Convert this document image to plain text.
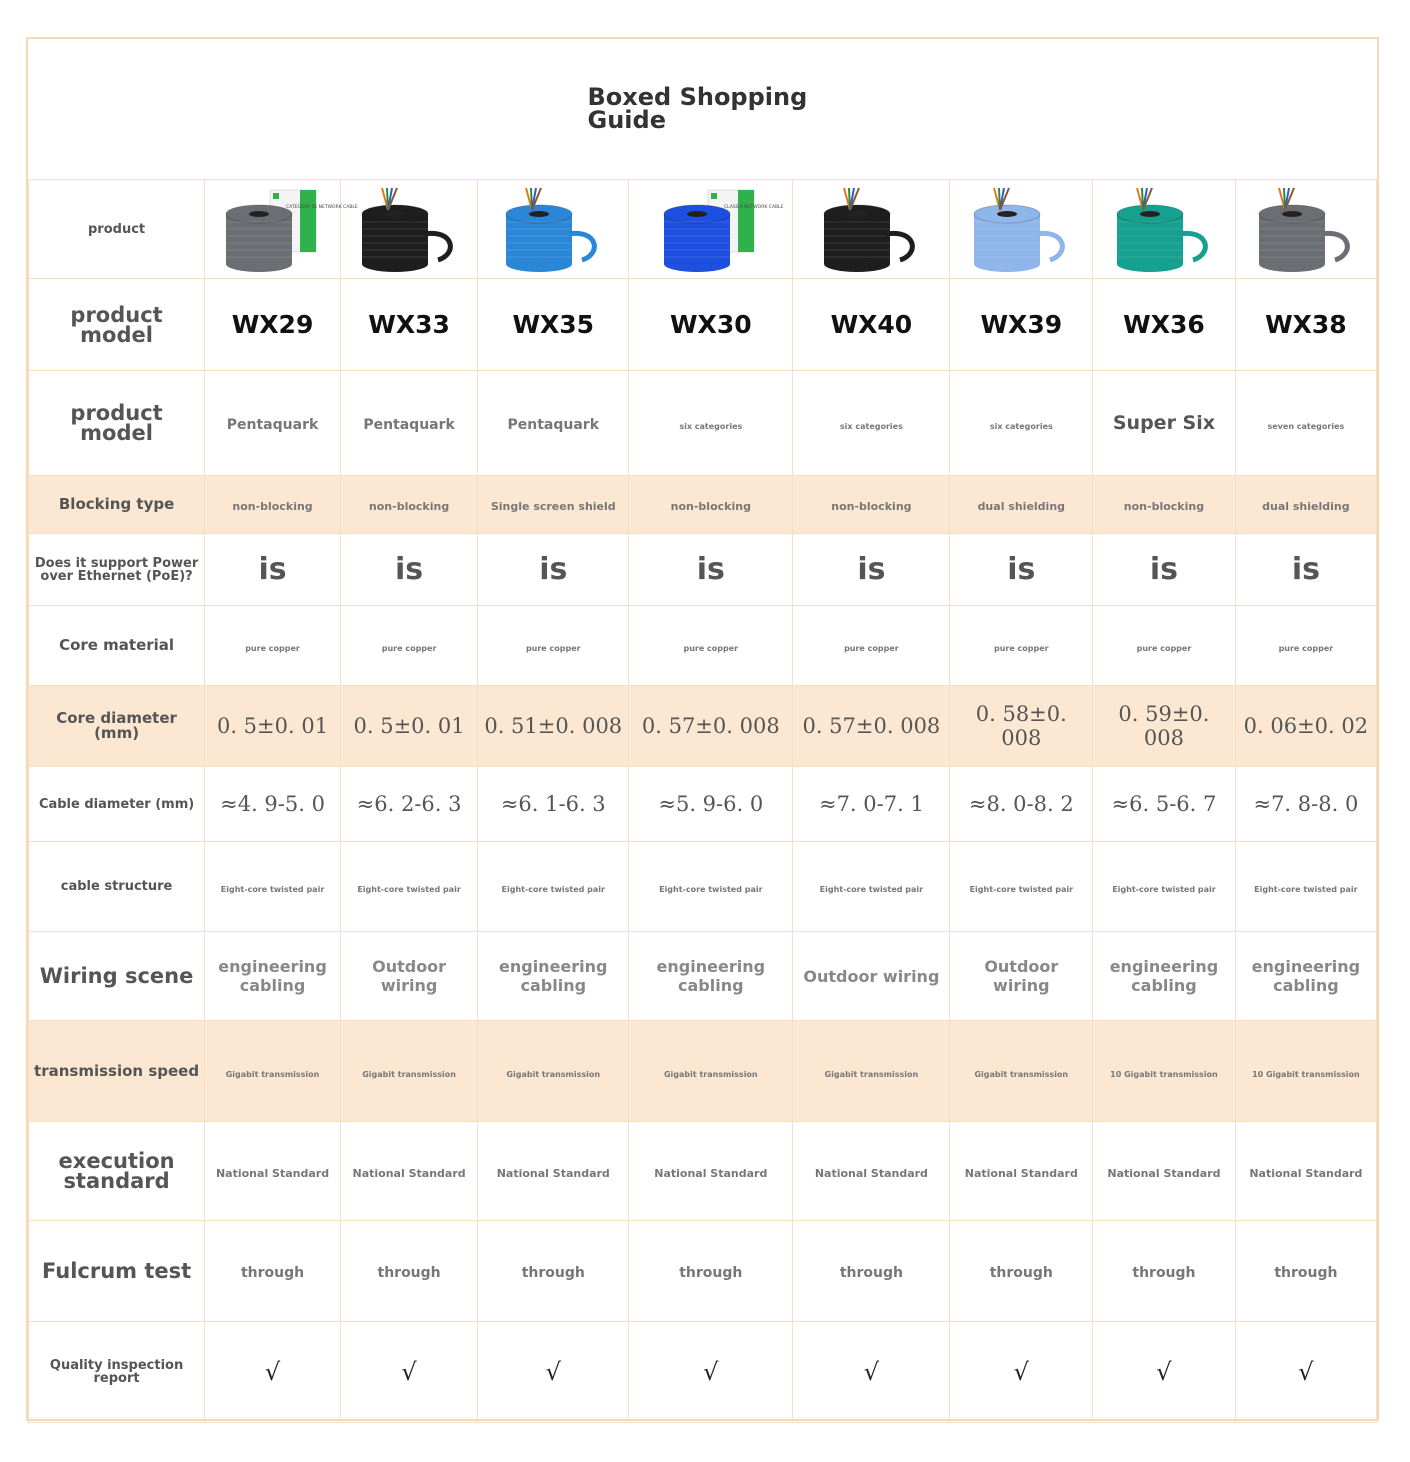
Boxed Shopping Guide
product	CATEGORY 5E NETWORK CABLE			CLASS 6 NETWORK CABLE

product model	WX29	WX33	WX35	WX30	WX40	WX39	WX36	WX38
product model	Pentaquark	Pentaquark	Pentaquark	six categories	six categories	six categories	Super Six	seven categories
Blocking type	non-blocking	non-blocking	Single screen shield	non-blocking	non-blocking	dual shielding	non-blocking	dual shielding
Does it support Power over Ethernet (PoE)?	is	is	is	is	is	is	is	is
Core material	pure copper	pure copper	pure copper	pure copper	pure copper	pure copper	pure copper	pure copper
Core diameter (mm)	0. 5±0. 01	0. 5±0. 01	0. 51±0. 008	0. 57±0. 008	0. 57±0. 008	0. 58±0. 008	0. 59±0. 008	0. 06±0. 02
Cable diameter (mm)	≈4. 9-5. 0	≈6. 2-6. 3	≈6. 1-6. 3	≈5. 9-6. 0	≈7. 0-7. 1	≈8. 0-8. 2	≈6. 5-6. 7	≈7. 8-8. 0
cable structure	Eight-core twisted pair	Eight-core twisted pair	Eight-core twisted pair	Eight-core twisted pair	Eight-core twisted pair	Eight-core twisted pair	Eight-core twisted pair	Eight-core twisted pair
Wiring scene	engineering cabling	Outdoor wiring	engineering cabling	engineering cabling	Outdoor wiring	Outdoor wiring	engineering cabling	engineering cabling
transmission speed	Gigabit transmission	Gigabit transmission	Gigabit transmission	Gigabit transmission	Gigabit transmission	Gigabit transmission	10 Gigabit transmission	10 Gigabit transmission
execution standard	National Standard	National Standard	National Standard	National Standard	National Standard	National Standard	National Standard	National Standard
Fulcrum test	through	through	through	through	through	through	through	through
Quality inspection report	√	√	√	√	√	√	√	√
